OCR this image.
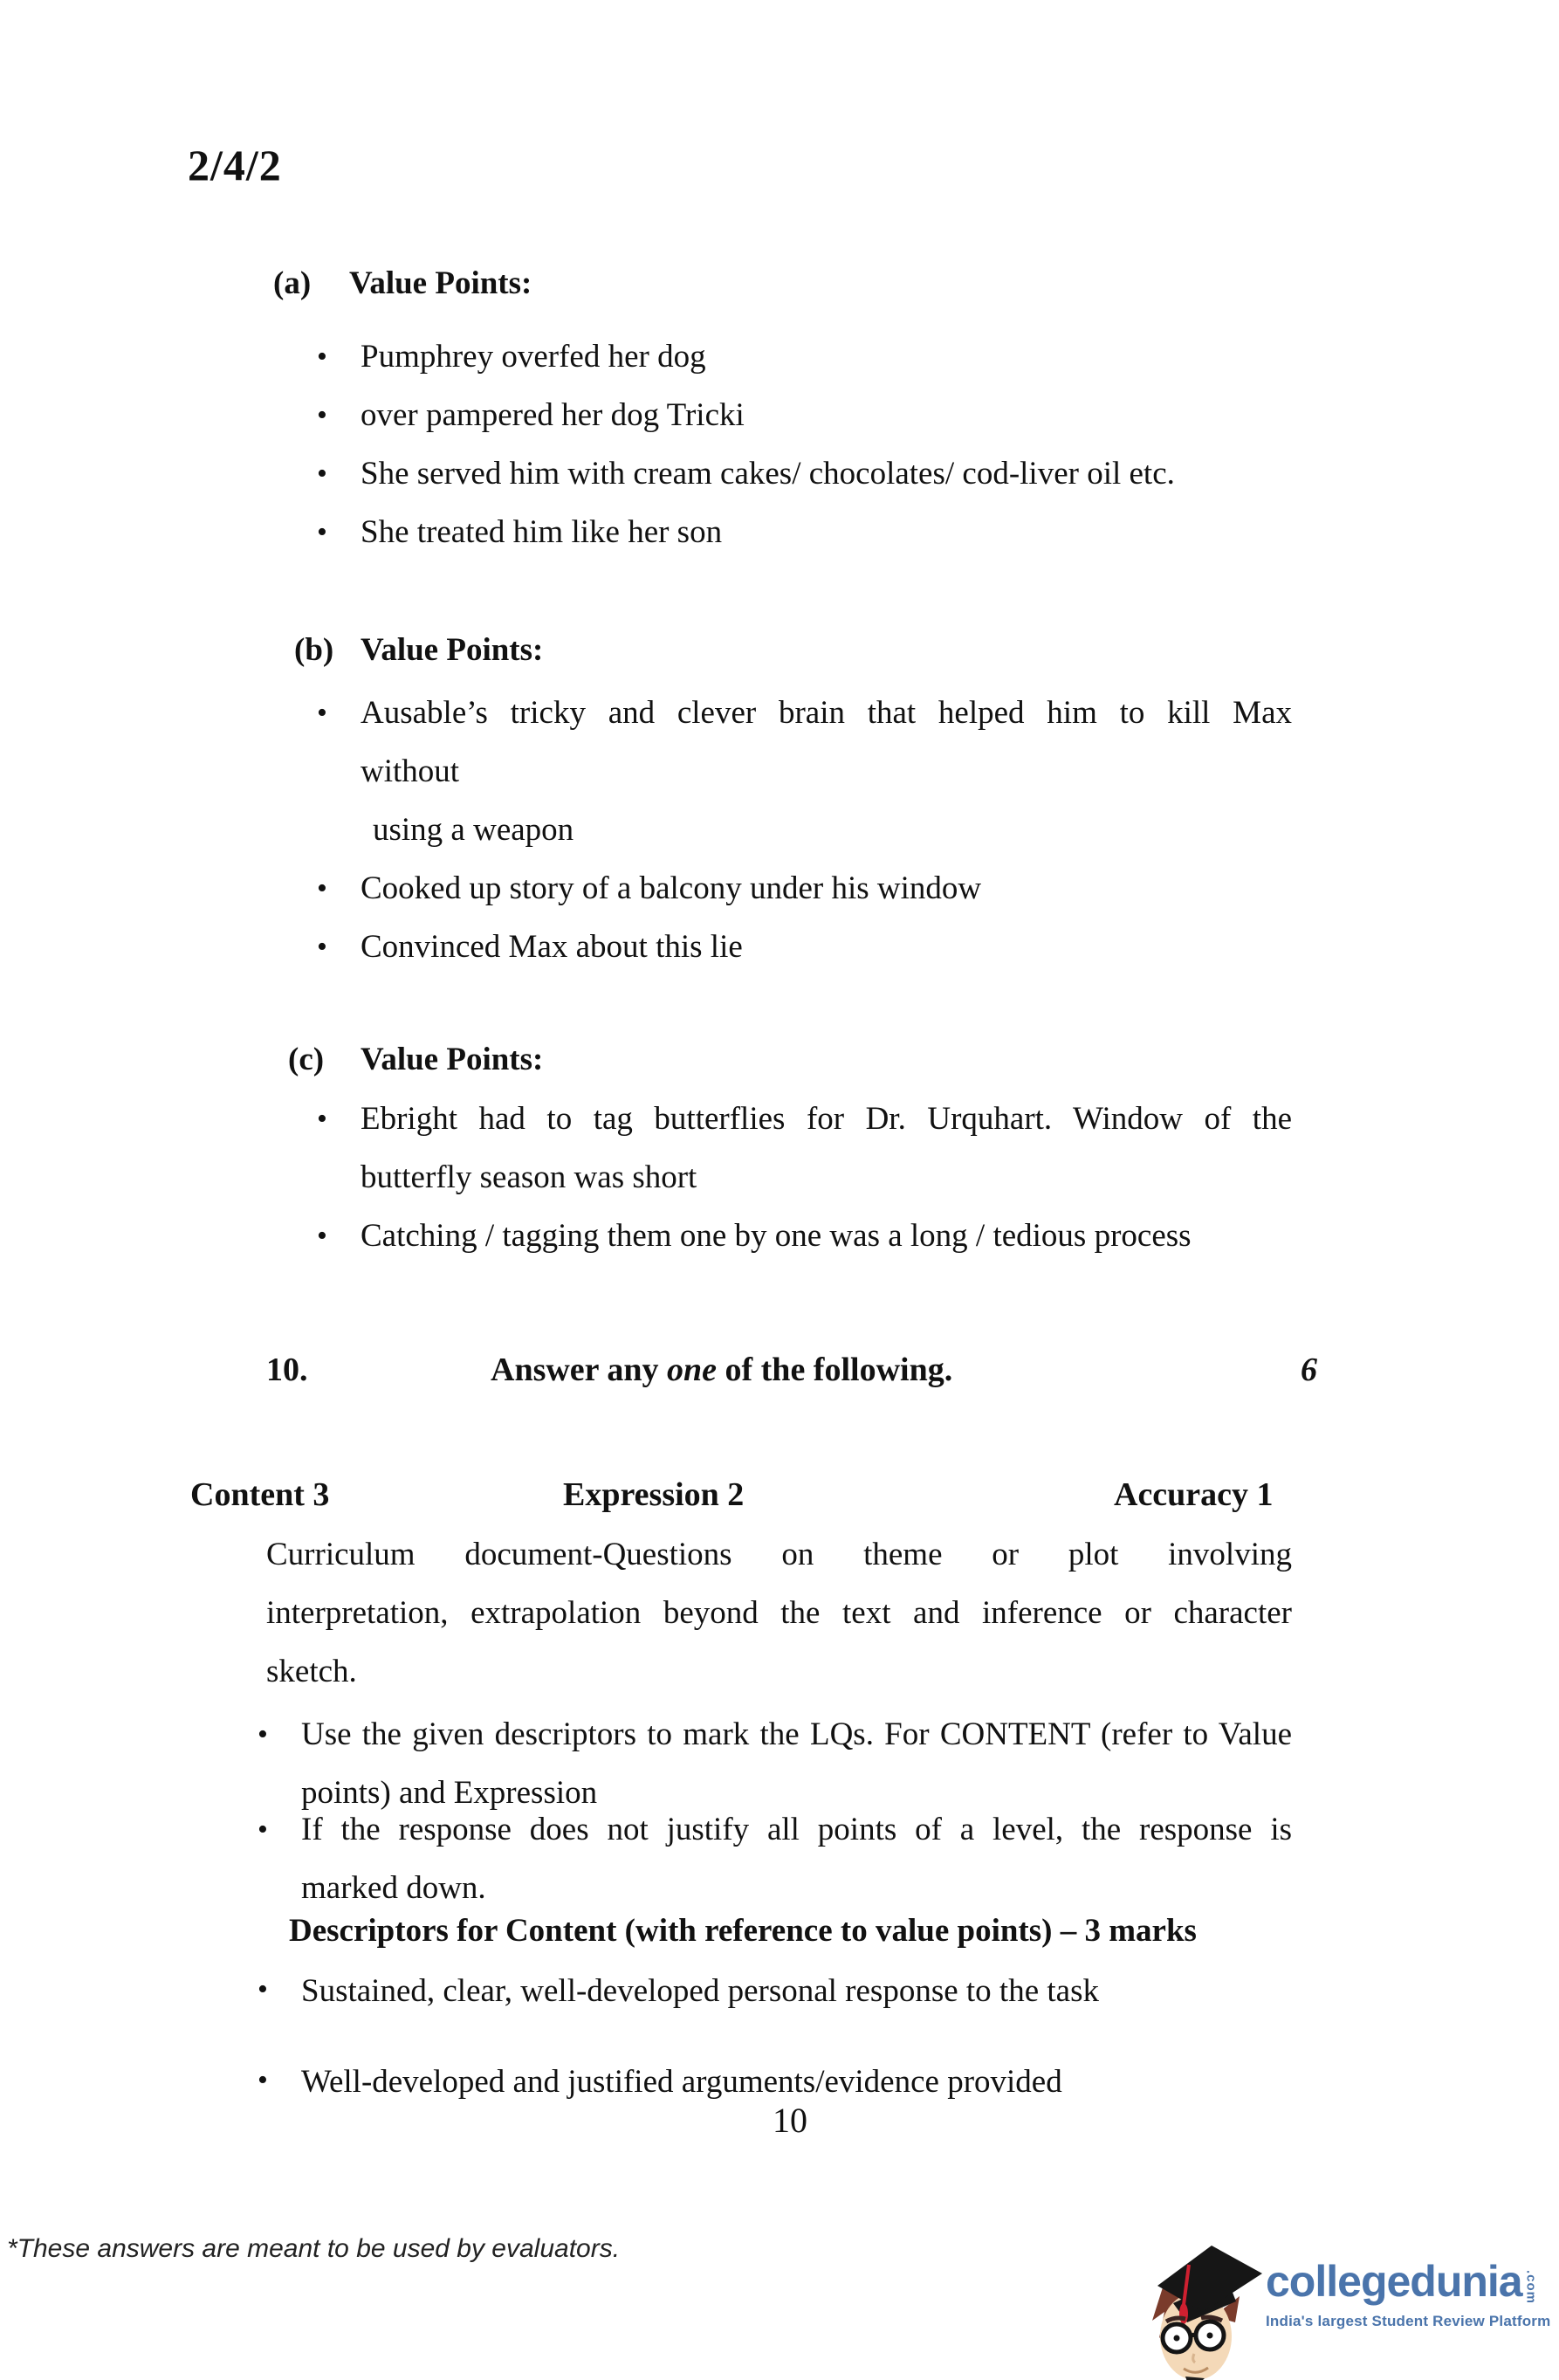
2/4/2
(a)	Value Points:
• Pumphrey overfed her dog
• over pampered her dog Tricki
• She served him with cream cakes/ chocolates/ cod-liver oil etc.
• She treated him like her son
(b) Value Points:
• Ausable’s tricky and clever brain that helped him to kill Max
without
using a weapon
• Cooked up story of a balcony under his window
• Convinced Max about this lie
(c)	Value Points:
• Ebright had to tag butterflies for Dr. Urquhart. Window of the
butterfly season was short
• Catching / tagging them one by one was a long / tedious process
10.	Answer any one of the following.	6
Content 3	Expression 2	Accuracy 1
Curriculum document-Questions on theme or plot involving
interpretation, extrapolation beyond the text and inference or character
sketch.
• Use the given descriptors to mark the LQs. For CONTENT (refer to Value
points) and Expression
• If the response does not justify all points of a level, the response is
marked down.
Descriptors for Content (with reference to value points) – 3 marks
• Sustained, clear, well-developed personal response to the task
• Well-developed and justified arguments/evidence provided
10
*These answers are meant to be used by evaluators.
collegedunia .com
India's largest Student Review Platform
